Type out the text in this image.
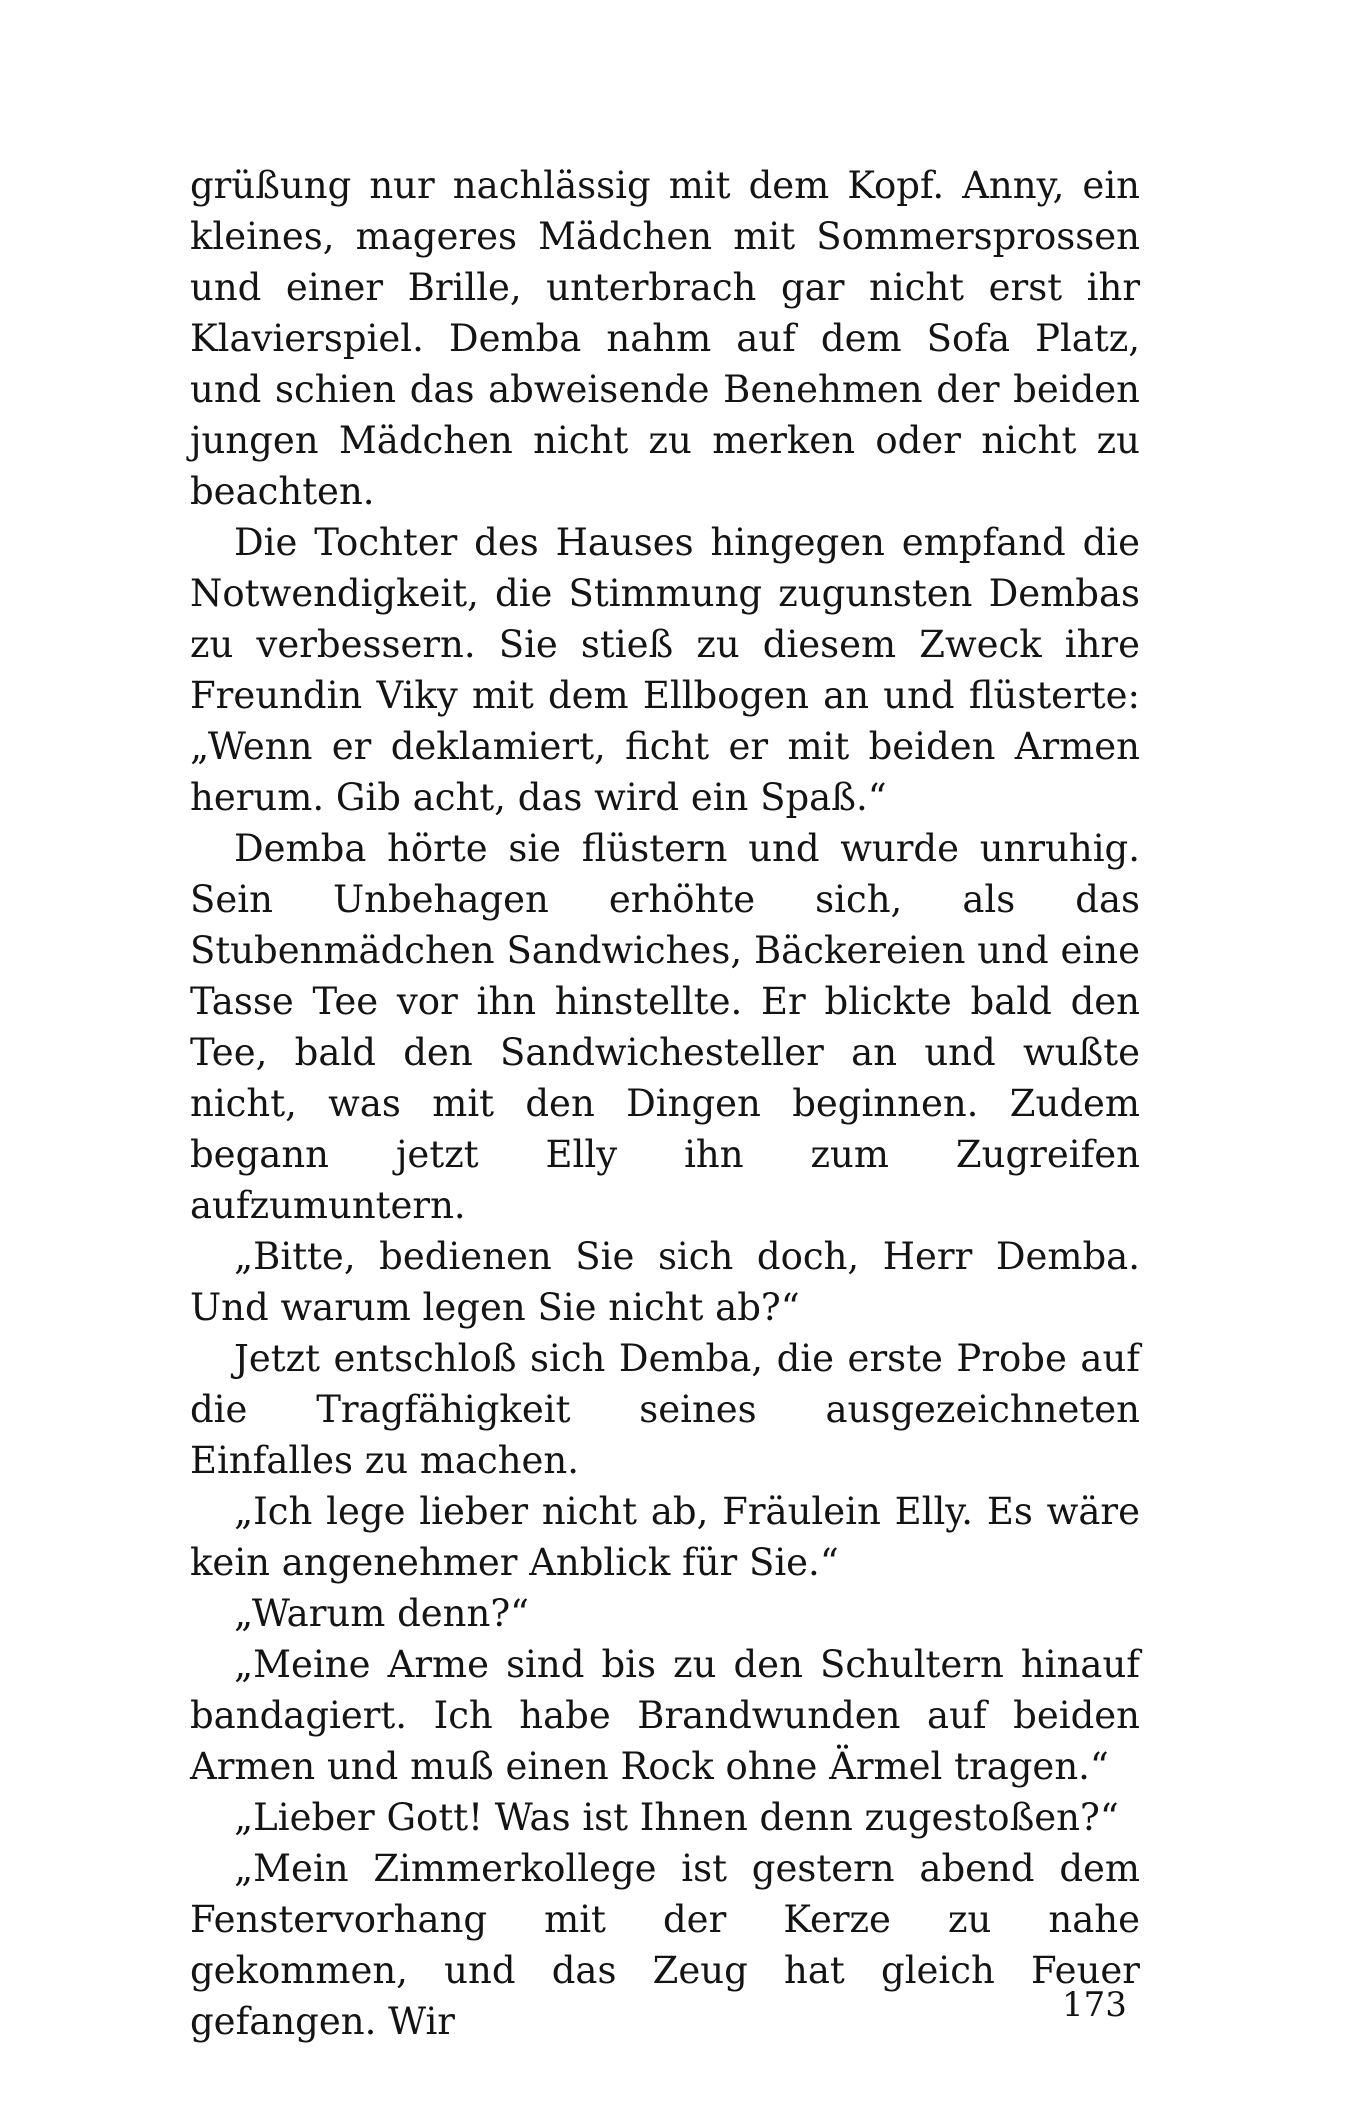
grüßung nur nachlässig mit dem Kopf. Anny, ein kleines, mageres Mädchen mit Sommersprossen und einer Brille, unterbrach gar nicht erst ihr Klavierspiel. Demba nahm auf dem Sofa Platz, und schien das abweisende Benehmen der beiden jungen Mädchen nicht zu merken oder nicht zu beachten.

Die Tochter des Hauses hingegen empfand die Notwendigkeit, die Stimmung zugunsten Dembas zu verbessern. Sie stieß zu diesem Zweck ihre Freundin Viky mit dem Ellbogen an und flüsterte: „Wenn er deklamiert, ficht er mit beiden Armen herum. Gib acht, das wird ein Spaß.“

Demba hörte sie flüstern und wurde unruhig. Sein Unbehagen erhöhte sich, als das Stubenmädchen Sandwiches, Bäckereien und eine Tasse Tee vor ihn hinstellte. Er blickte bald den Tee, bald den Sandwichesteller an und wußte nicht, was mit den Dingen beginnen. Zudem begann jetzt Elly ihn zum Zugreifen aufzumuntern.

„Bitte, bedienen Sie sich doch, Herr Demba. Und warum legen Sie nicht ab?“

Jetzt entschloß sich Demba, die erste Probe auf die Tragfähigkeit seines ausgezeichneten Einfalles zu machen.

„Ich lege lieber nicht ab, Fräulein Elly. Es wäre kein angenehmer Anblick für Sie.“

„Warum denn?“

„Meine Arme sind bis zu den Schultern hinauf bandagiert. Ich habe Brandwunden auf beiden Armen und muß einen Rock ohne Ärmel tragen.“

„Lieber Gott! Was ist Ihnen denn zugestoßen?“

„Mein Zimmerkollege ist gestern abend dem Fenstervorhang mit der Kerze zu nahe gekommen, und das Zeug hat gleich Feuer gefangen. Wir	173
